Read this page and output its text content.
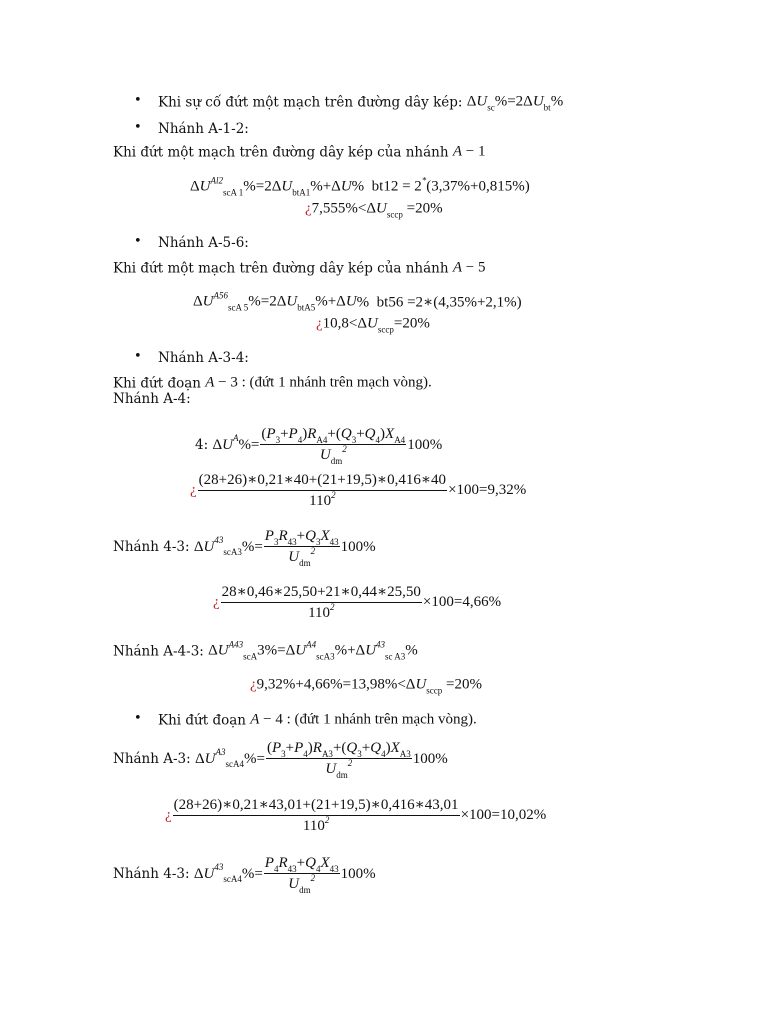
• Khi sự cố đứt một mạch trên đường dây kép: Δ U sc %=2Δ U bt %
• Nhánh A-1-2:
Khi đứt một mạch trên đường dây kép của nhánh A − 1
Δ U Al2
scA 1 %=2Δ U btA1 %+Δ U %  bt12 = 2 * (3,37%+0,815%)
¿ 7,555%<Δ U sccp =20%
• Nhánh A-5-6:
Khi đứt một mạch trên đường dây kép của nhánh A − 5
Δ U A56
scA 5 %=2Δ U btA5 %+Δ U %  bt56 =2∗(4,35%+2,1%)
¿ 10,8<Δ U sccp =20%
• Nhánh A-3-4:
Khi đứt đoạn A − 3 : (đứt 1 nhánh trên mạch vòng).
Nhánh A-4:
4: Δ U A %= ( P 3 + P 4 ) R A4 +( Q 3 + Q 4 ) X A4
U dm
2 100%
¿ $\frac{(28+26)∗0,21∗40+(21+19,5)∗0,416∗40}{110 2} \times 100=9,32\%$
Nhánh 4-3: Δ U 43
scA3 %= P 3 R 43 + Q 3 X 43
U dm
2 100%
¿ $\frac{28∗0,46∗25,50+21∗0,44∗25,50}{110 2} \times 100=4,66\%$
Nhánh A-4-3: Δ U A43
scA 3%=Δ U A4
scA3 %+Δ U 43
sc A3 %
¿ 9,32%+4,66%=13,98%<Δ U sccp =20%
• Khi đứt đoạn A − 4 : (đứt 1 nhánh trên mạch vòng).
Nhánh A-3: Δ U A3
scA4 %= ( P 3 + P 4 ) R A3 +( Q 3 + Q 4 ) X A3
U dm
2 100%
¿ $\frac{(28+26)∗0,21∗43,01+(21+19,5)∗0,416∗43,01}{110 2} \times 100=10,02\%$
Nhánh 4-3: Δ U 43
scA4 %= P 4 R 43 + Q 4 X 43
U dm
2 100%
